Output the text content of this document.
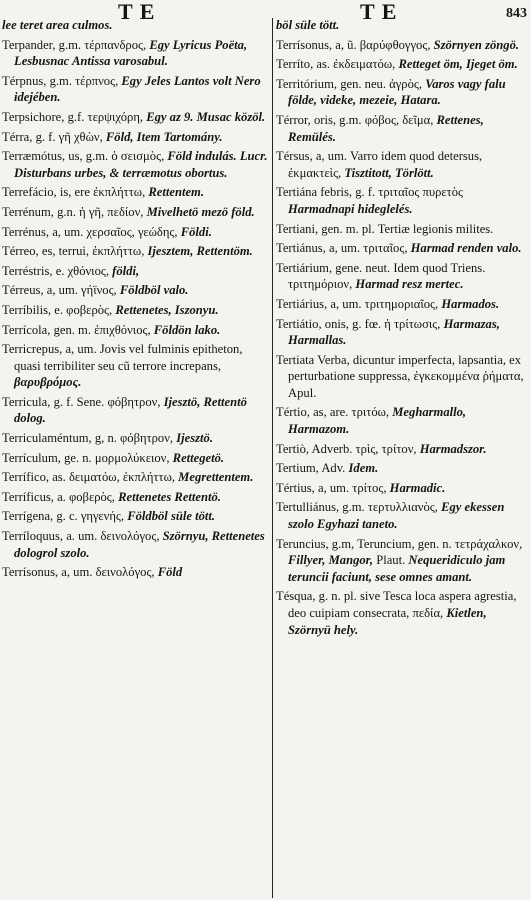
T E	T E	843
lee teret area culmos.
Terpander, g.m. τέρπανδρος, Egy Lyricus Poëta, Lesbusnac Antissa varosabul.
Térpnus, g.m. τέρπνος, Egy Jeles Lantos volt Nero idejében.
Terpsichore, g.f. τερψιχόρη, Egy az 9. Musac közöl.
Térra, g. f. γῆ χθὼν, Föld, Item Tartomány.
Terræmótus, us, g.m. ὁ σεισμὸς, Föld indulás. Lucr. Disturbans urbes, & terræmotus obortus.
Terrefácio, is, ere ἐκπλήττω, Rettentem.
Terrénum, g.n. ἡ γῆ, πεδίον, Mivelhetö mezö föld.
Terrénus, a, um. χερσαῖος, γεώδης, Földi.
Térreo, es, terrui, ἐκπλήττω, Ijesztem, Rettentöm.
Terréstris, e. χθόνιος, földi,
Térreus, a, um. γήϊνος, Földböl valo.
Terríbilis, e. φοβερὸς, Rettenetes, Iszonyu.
Terrícola, gen. m. ἐπιχθόνιος, Földön lako.
Terricrepus, a, um. Jovis vel fulminis epitheton, quasi terribiliter seu cũ terrore increpans, βαρυβρόμος.
Terricula, g. f. Sene. φόβητρον, Ijesztö, Rettentö dolog.
Terriculaméntum, g, n. φόβητρον, Ijesztö.
Terrículum, ge. n. μορμολύκειον, Rettegetö.
Terrífico, as. δειματόω, ἐκπλήττω, Megrettentem.
Terríficus, a. φοβερὸς, Rettenetes Rettentö.
Terrígena, g. c. γηγενής, Földböl süle tött.
Terríloquus, a. um. δεινολόγος, Szörnyu, Rettenetes dologrol szolo.
Terrísonus, a, um. δεινολόγος, Föld
böl süle tött.
Terrísonus, a, ũ. βαρύφθογγος, Szörnyen zöngö.
Terríto, as. ἐκδειματόω, Retteget öm, Ijeget öm.
Territórium, gen. neu. ἀγρὸς, Varos vagy falu földe, videke, mezeie, Hatara.
Térror, oris, g.m. φόβος, δεῖμα, Rettenes, Remülés.
Térsus, a, um. Varro idem quod detersus, ἐκμακτεὶς, Tisztitott, Törlött.
Tertiána febris, g. f. τριταῖος πυρετὸς Harmadnapi hideglelés.
Tertiani, gen. m. pl. Tertiæ legionis milites.
Tertiánus, a, um. τριταῖος, Harmad renden valo.
Tertiárium, gene. neut. Idem quod Triens. τριτημόριον, Harmad resz mertec.
Tertiárius, a, um. τριτημοριαῖος, Harmados.
Tertiátio, onis, g. fœ. ἡ τρίτωσις, Harmazas, Harmallas.
Tertiata Verba, dicuntur imperfecta, lapsantia, ex perturbatione suppressa, ἐγκεκομμένα ῥήματα, Apul.
Tértio, as, are. τριτόω, Megharmallo, Harmazom.
Tertiò, Adverb. τρὶς, τρίτον, Harmadszor.
Tertium, Adv. Idem.
Tértius, a, um. τρίτος, Harmadic.
Tertulliánus, g.m. τερτυλλιανὸς, Egy ekessen szolo Egyhazi taneto.
Teruncius, g.m, Teruncium, gen. n. τετράχαλκον, Fillyer, Mangor, Plaut. Nequeridiculo jam teruncii faciunt, sese omnes amant.
Tésqua, g. n. pl. sive Tesca loca aspera agrestia, deo cuipiam consecrata, πεδία, Kietlen, Szörnyü hely.
